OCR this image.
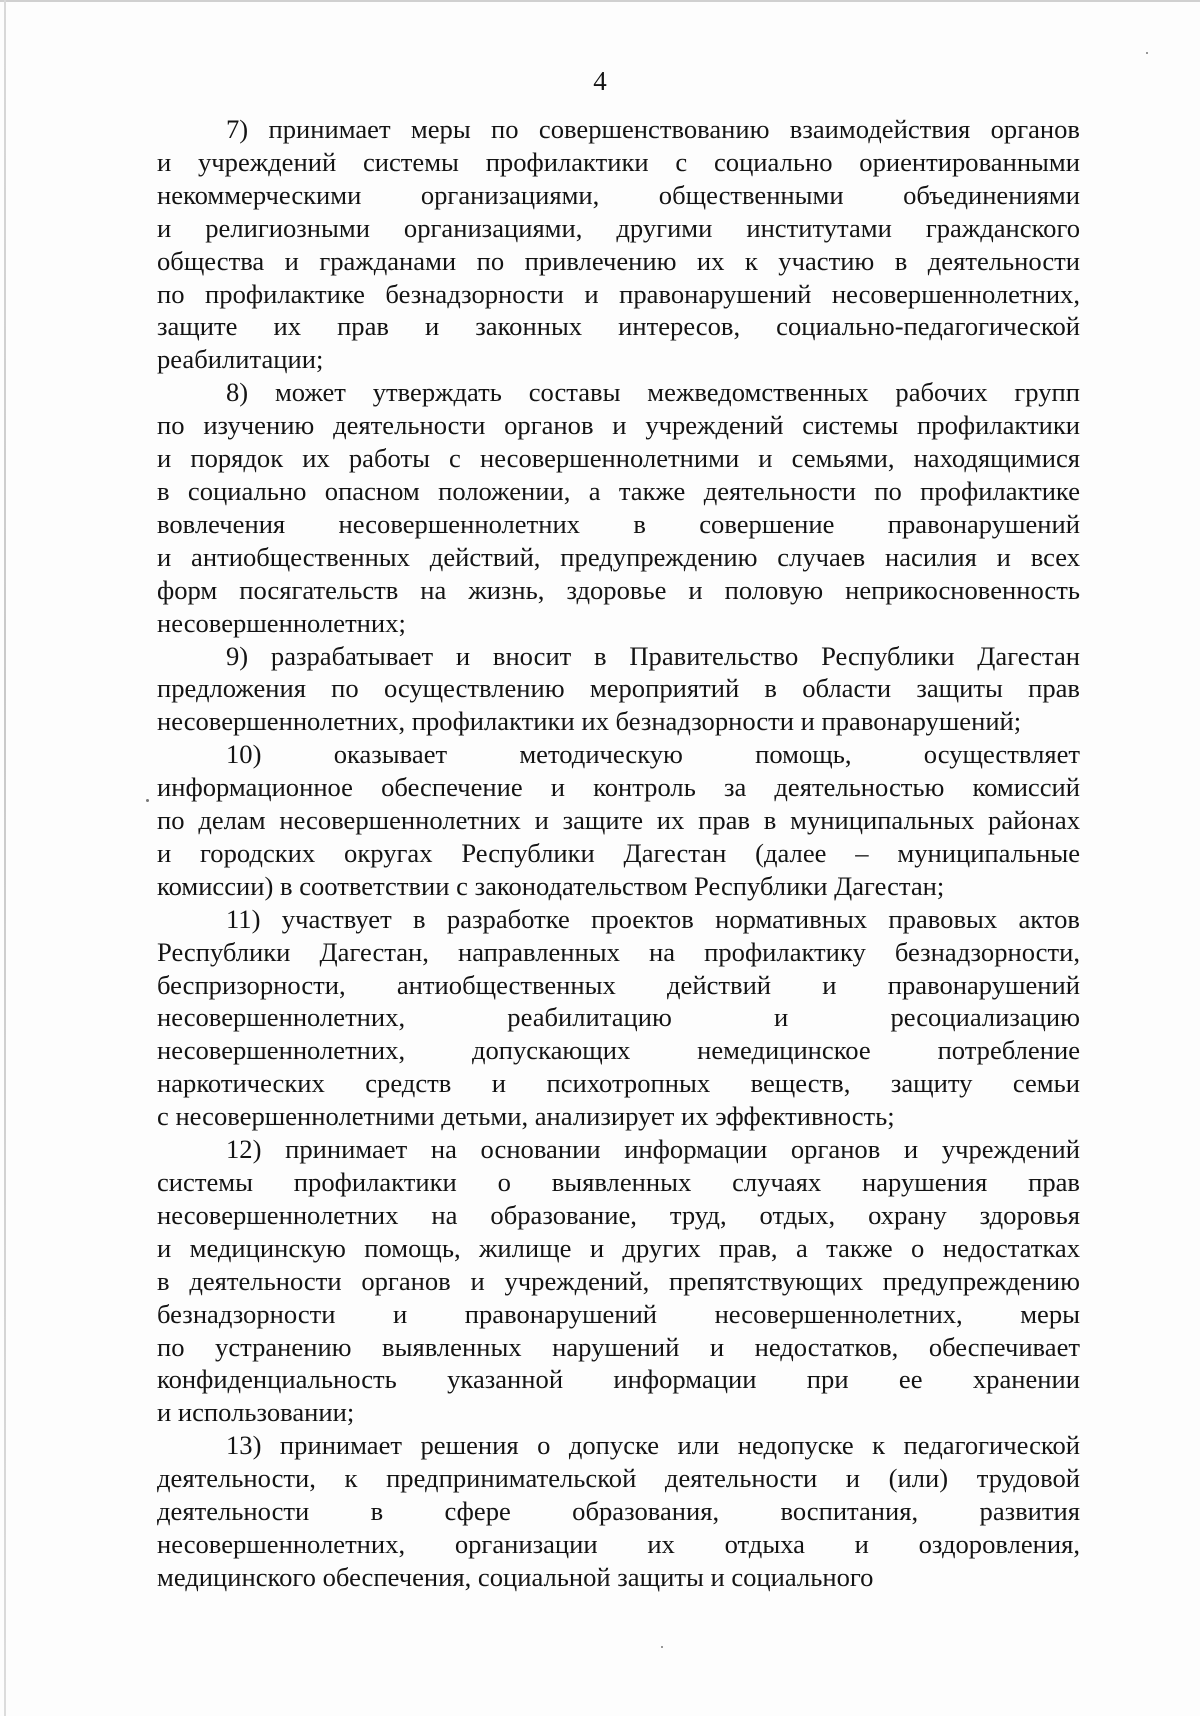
4

7) принимает меры по совершенствованию взаимодействия органов
и учреждений системы профилактики с социально ориентированными
некоммерческими организациями, общественными объединениями
и религиозными организациями, другими институтами гражданского
общества и гражданами по привлечению их к участию в деятельности
по профилактике безнадзорности и правонарушений несовершеннолетних,
защите их прав и законных интересов, социально-педагогической
реабилитации;

8) может утверждать составы межведомственных рабочих групп
по изучению деятельности органов и учреждений системы профилактики
и порядок их работы с несовершеннолетними и семьями, находящимися
в социально опасном положении, а также деятельности по профилактике
вовлечения несовершеннолетних в совершение правонарушений
и антиобщественных действий, предупреждению случаев насилия и всех
форм посягательств на жизнь, здоровье и половую неприкосновенность
несовершеннолетних;

9) разрабатывает и вносит в Правительство Республики Дагестан
предложения по осуществлению мероприятий в области защиты прав
несовершеннолетних, профилактики их безнадзорности и правонарушений;

10) оказывает методическую помощь, осуществляет
информационное обеспечение и контроль за деятельностью комиссий
по делам несовершеннолетних и защите их прав в муниципальных районах
и городских округах Республики Дагестан (далее – муниципальные
комиссии) в соответствии с законодательством Республики Дагестан;

11) участвует в разработке проектов нормативных правовых актов
Республики Дагестан, направленных на профилактику безнадзорности,
беспризорности, антиобщественных действий и правонарушений
несовершеннолетних, реабилитацию и ресоциализацию
несовершеннолетних, допускающих немедицинское потребление
наркотических средств и психотропных веществ, защиту семьи
с несовершеннолетними детьми, анализирует их эффективность;

12) принимает на основании информации органов и учреждений
системы профилактики о выявленных случаях нарушения прав
несовершеннолетних на образование, труд, отдых, охрану здоровья
и медицинскую помощь, жилище и других прав, а также о недостатках
в деятельности органов и учреждений, препятствующих предупреждению
безнадзорности и правонарушений несовершеннолетних, меры
по устранению выявленных нарушений и недостатков, обеспечивает
конфиденциальность указанной информации при ее хранении
и использовании;

13) принимает решения о допуске или недопуске к педагогической
деятельности, к предпринимательской деятельности и (или) трудовой
деятельности в сфере образования, воспитания, развития
несовершеннолетних, организации их отдыха и оздоровления,
медицинского обеспечения, социальной защиты и социального
